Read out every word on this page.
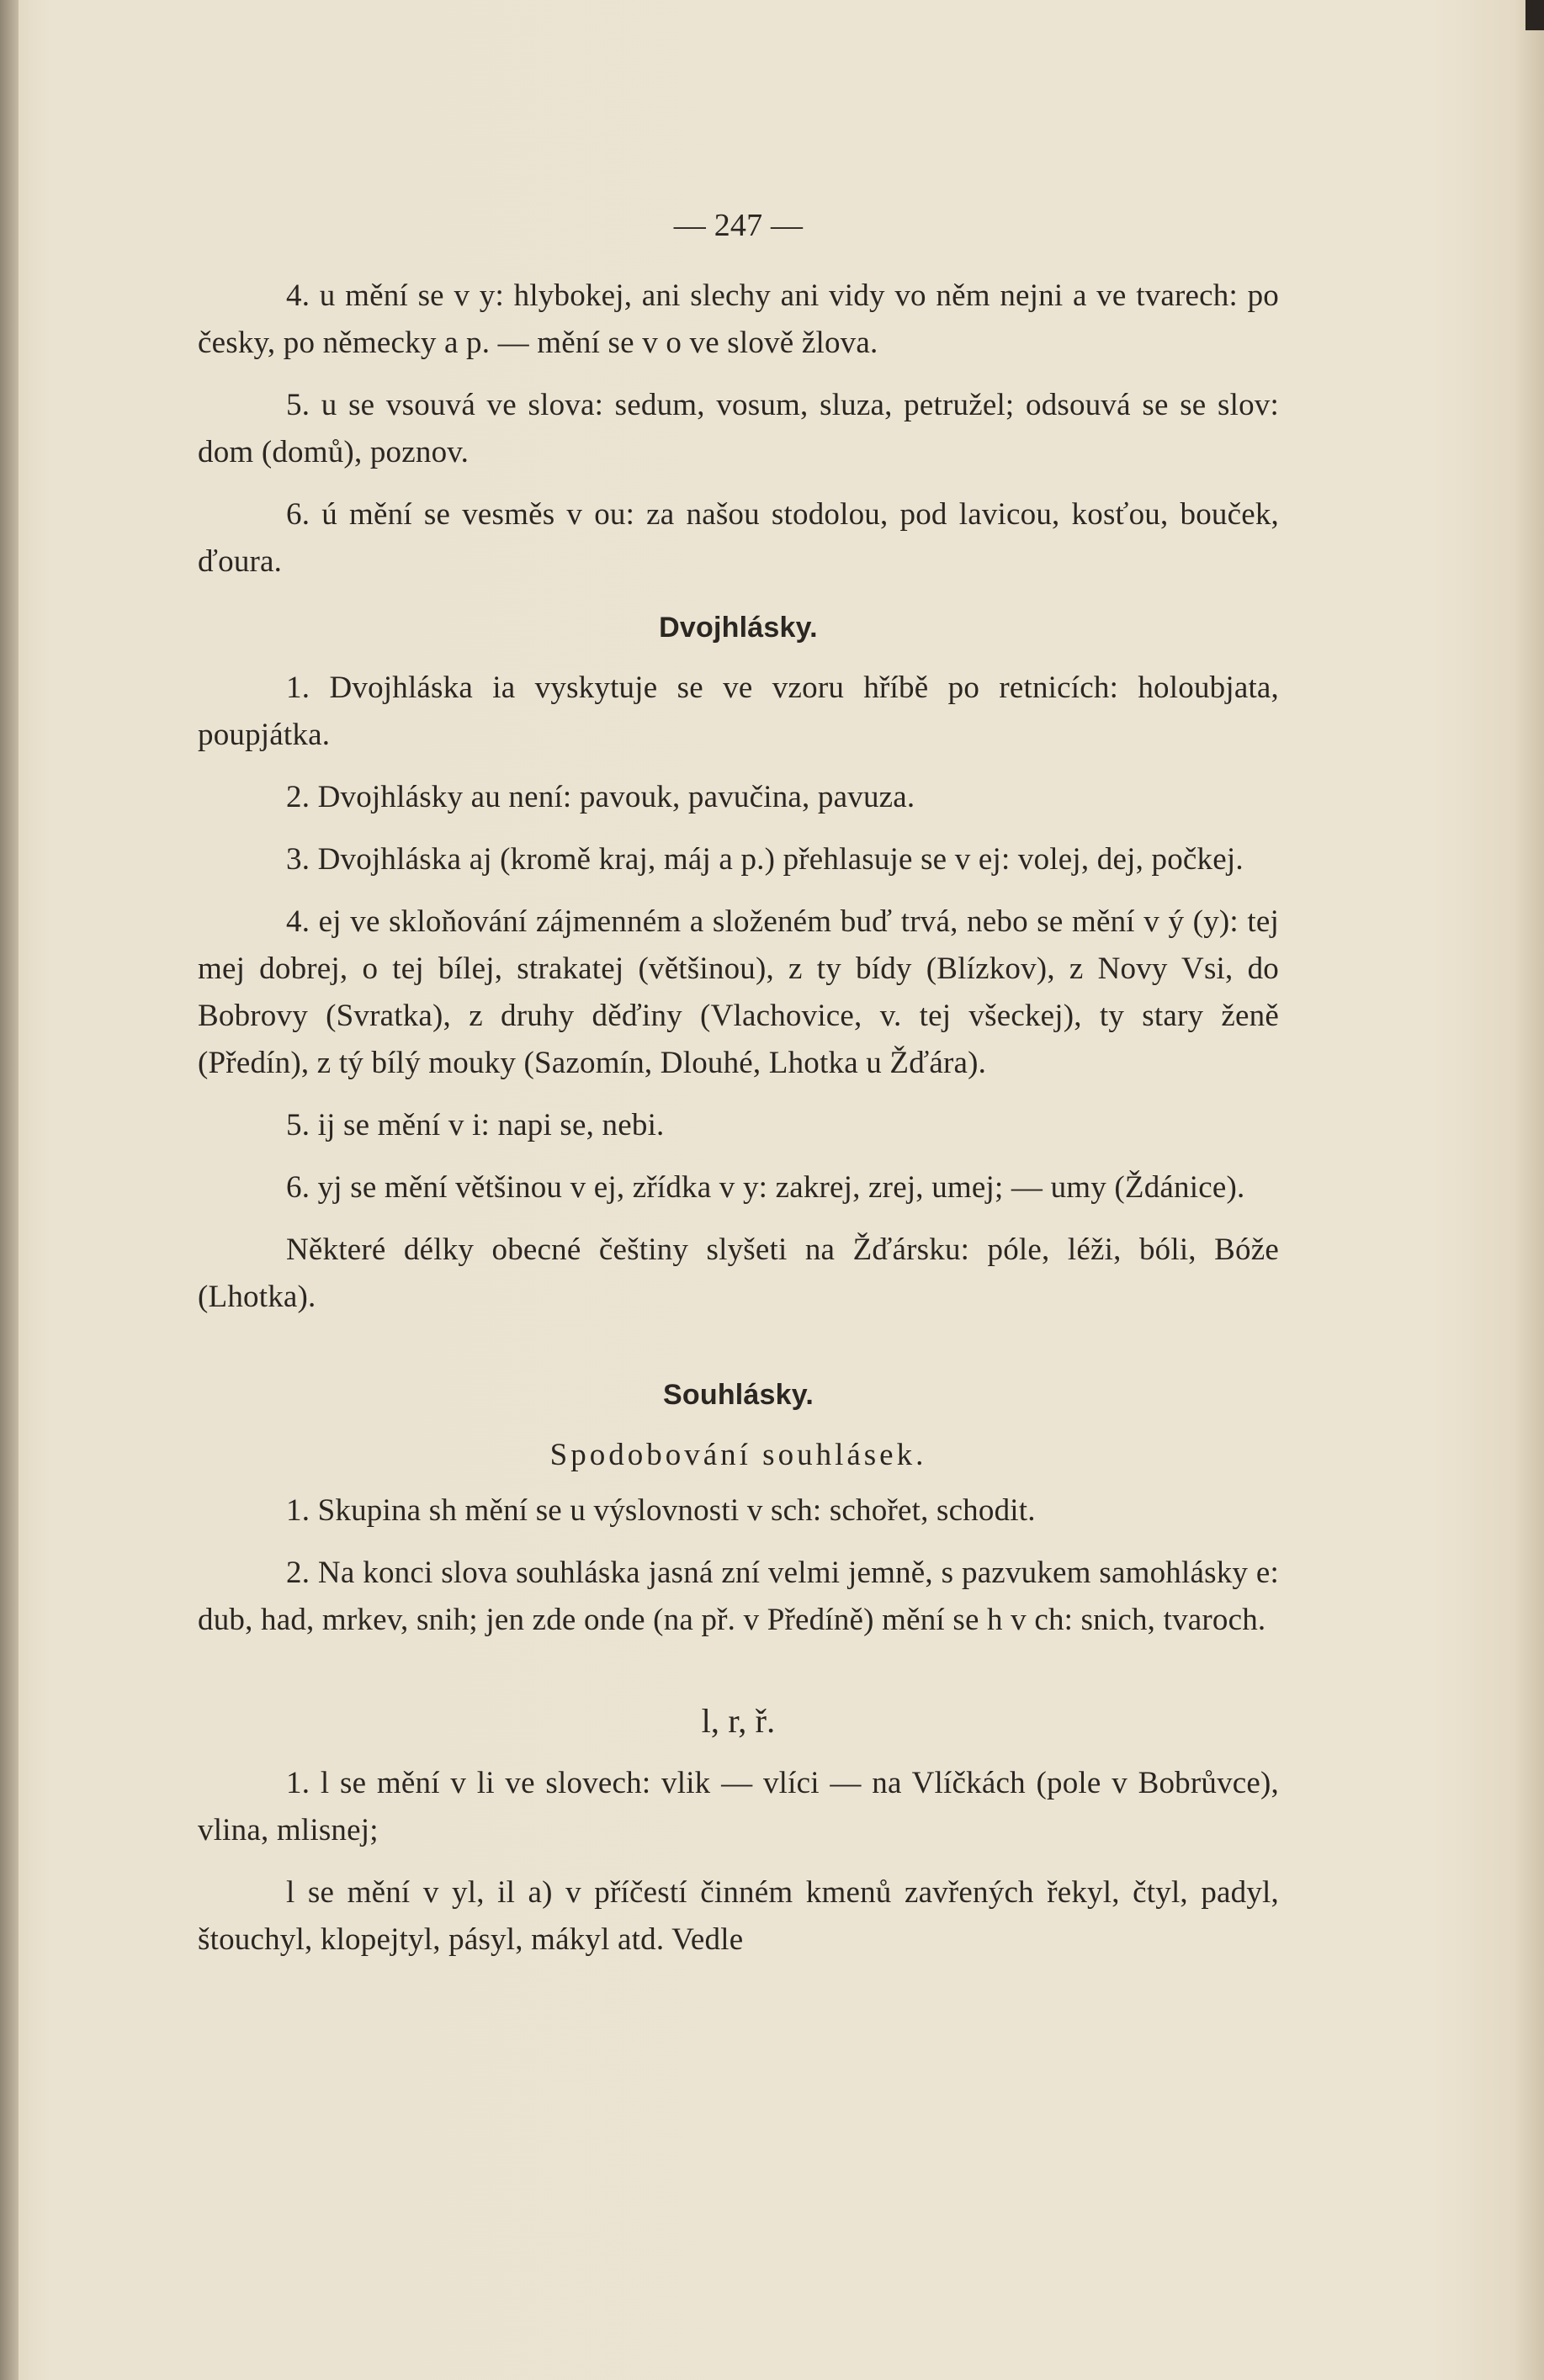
— 247 —

4. u mění se v y: hlybokej, ani slechy ani vidy vo něm nejni a ve tvarech: po česky, po německy a p. — mění se v o ve slově žlova.

5. u se vsouvá ve slova: sedum, vosum, sluza, petružel; odsouvá se se slov: dom (domů), poznov.

6. ú mění se vesměs v ou: za našou stodolou, pod lavicou, kosťou, bouček, ďoura.

Dvojhlásky.

1. Dvojhláska ia vyskytuje se ve vzoru hříbě po retnicích: holoubjata, poupjátka.

2. Dvojhlásky au není: pavouk, pavučina, pavuza.

3. Dvojhláska aj (kromě kraj, máj a p.) přehlasuje se v ej: volej, dej, počkej.

4. ej ve skloňování zájmenném a složeném buď trvá, nebo se mění v ý (y): tej mej dobrej, o tej bílej, strakatej (většinou), z ty bídy (Blízkov), z Novy Vsi, do Bobrovy (Svratka), z druhy děďiny (Vlachovice, v. tej všeckej), ty stary ženě (Předín), z tý bílý mouky (Sazomín, Dlouhé, Lhotka u Žďára).

5. ij se mění v i: napi se, nebi.

6. yj se mění většinou v ej, zřídka v y: zakrej, zrej, umej; — umy (Ždánice).

Některé délky obecné češtiny slyšeti na Žďársku: póle, léži, bóli, Bóže (Lhotka).

Souhlásky.
Spodobování souhlásek.

1. Skupina sh mění se u výslovnosti v sch: schořet, schodit.

2. Na konci slova souhláska jasná zní velmi jemně, s pazvukem samohlásky e: dub, had, mrkev, snih; jen zde onde (na př. v Předíně) mění se h v ch: snich, tvaroch.

l, r, ř.

1. l se mění v li ve slovech: vlik — vlíci — na Vlíčkách (pole v Bobrůvce), vlina, mlisnej;

l se mění v yl, il a) v příčestí činném kmenů zavřených řekyl, čtyl, padyl, štouchyl, klopejtyl, pásyl, mákyl atd. Vedle
